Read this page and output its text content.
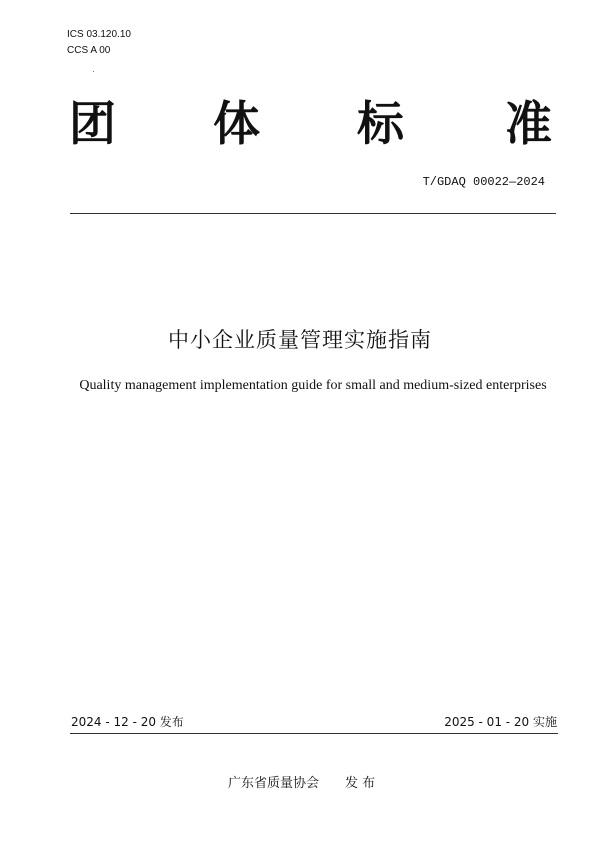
ICS 03.120.10
CCS A 00
团 体 标 准
T/GDAQ 00022—2024
中小企业质量管理实施指南
Quality management implementation guide for small and medium-sized enterprises
2024 - 12 - 20 发布	2025 - 01 - 20 实施
广东省质量协会 发 布
